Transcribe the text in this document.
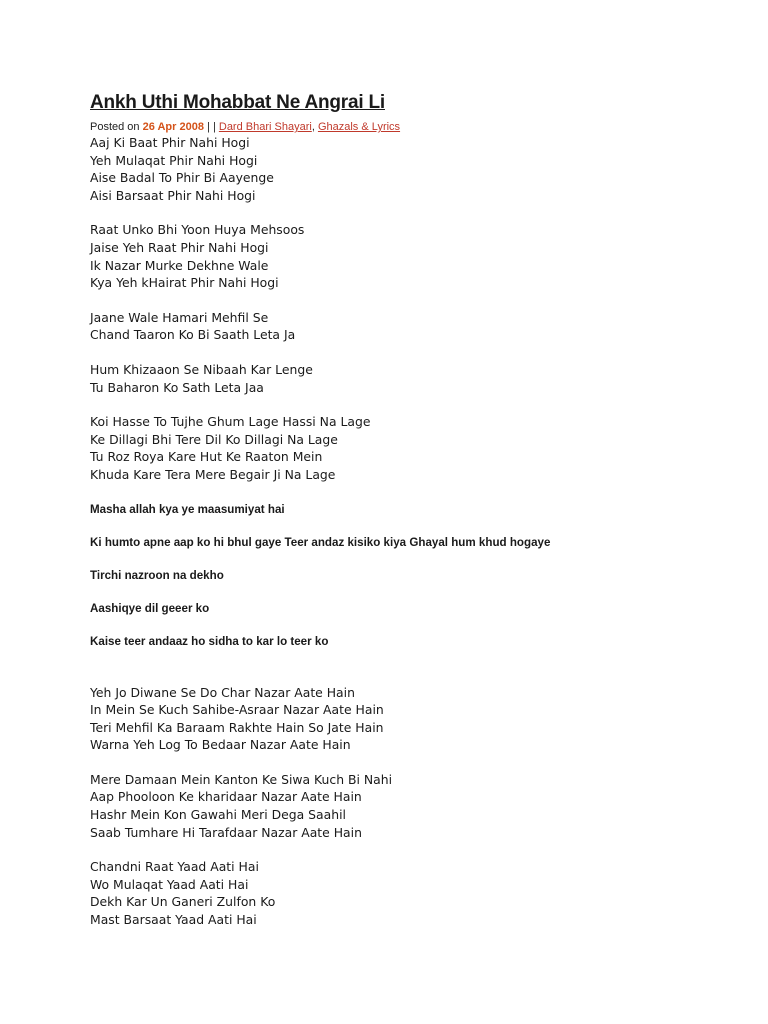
Ankh Uthi Mohabbat Ne Angrai Li
Posted on 26 Apr 2008 | | Dard Bhari Shayari, Ghazals & Lyrics
Aaj Ki Baat Phir Nahi Hogi
Yeh Mulaqat Phir Nahi Hogi
Aise Badal To Phir Bi Aayenge
Aisi Barsaat Phir Nahi Hogi
Raat Unko Bhi Yoon Huya Mehsoos
Jaise Yeh Raat Phir Nahi Hogi
Ik Nazar Murke Dekhne Wale
Kya Yeh kHairat Phir Nahi Hogi
Jaane Wale Hamari Mehfil Se
Chand Taaron Ko Bi Saath Leta Ja
Hum Khizaaon Se Nibaah Kar Lenge
Tu Baharon Ko Sath Leta Jaa
Koi Hasse To Tujhe Ghum Lage Hassi Na Lage
Ke Dillagi Bhi Tere Dil Ko Dillagi Na Lage
Tu Roz Roya Kare Hut Ke Raaton Mein
Khuda Kare Tera Mere Begair Ji Na Lage
Masha allah kya ye maasumiyat hai
Ki humto apne aap ko hi bhul gaye Teer andaz kisiko kiya Ghayal hum khud hogaye
Tirchi nazroon na dekho
Aashiqye dil geeer ko
Kaise teer andaaz ho sidha to kar lo teer ko
Yeh Jo Diwane Se Do Char Nazar Aate Hain
In Mein Se Kuch Sahibe-Asraar Nazar Aate Hain
Teri Mehfil Ka Baraam Rakhte Hain So Jate Hain
Warna Yeh Log To Bedaar Nazar Aate Hain
Mere Damaan Mein Kanton Ke Siwa Kuch Bi Nahi
Aap Phooloon Ke kharidaar Nazar Aate Hain
Hashr Mein Kon Gawahi Meri Dega Saahil
Saab Tumhare Hi Tarafdaar Nazar Aate Hain
Chandni Raat Yaad Aati Hai
Wo Mulaqat Yaad Aati Hai
Dekh Kar Un Ganeri Zulfon Ko
Mast Barsaat Yaad Aati Hai
